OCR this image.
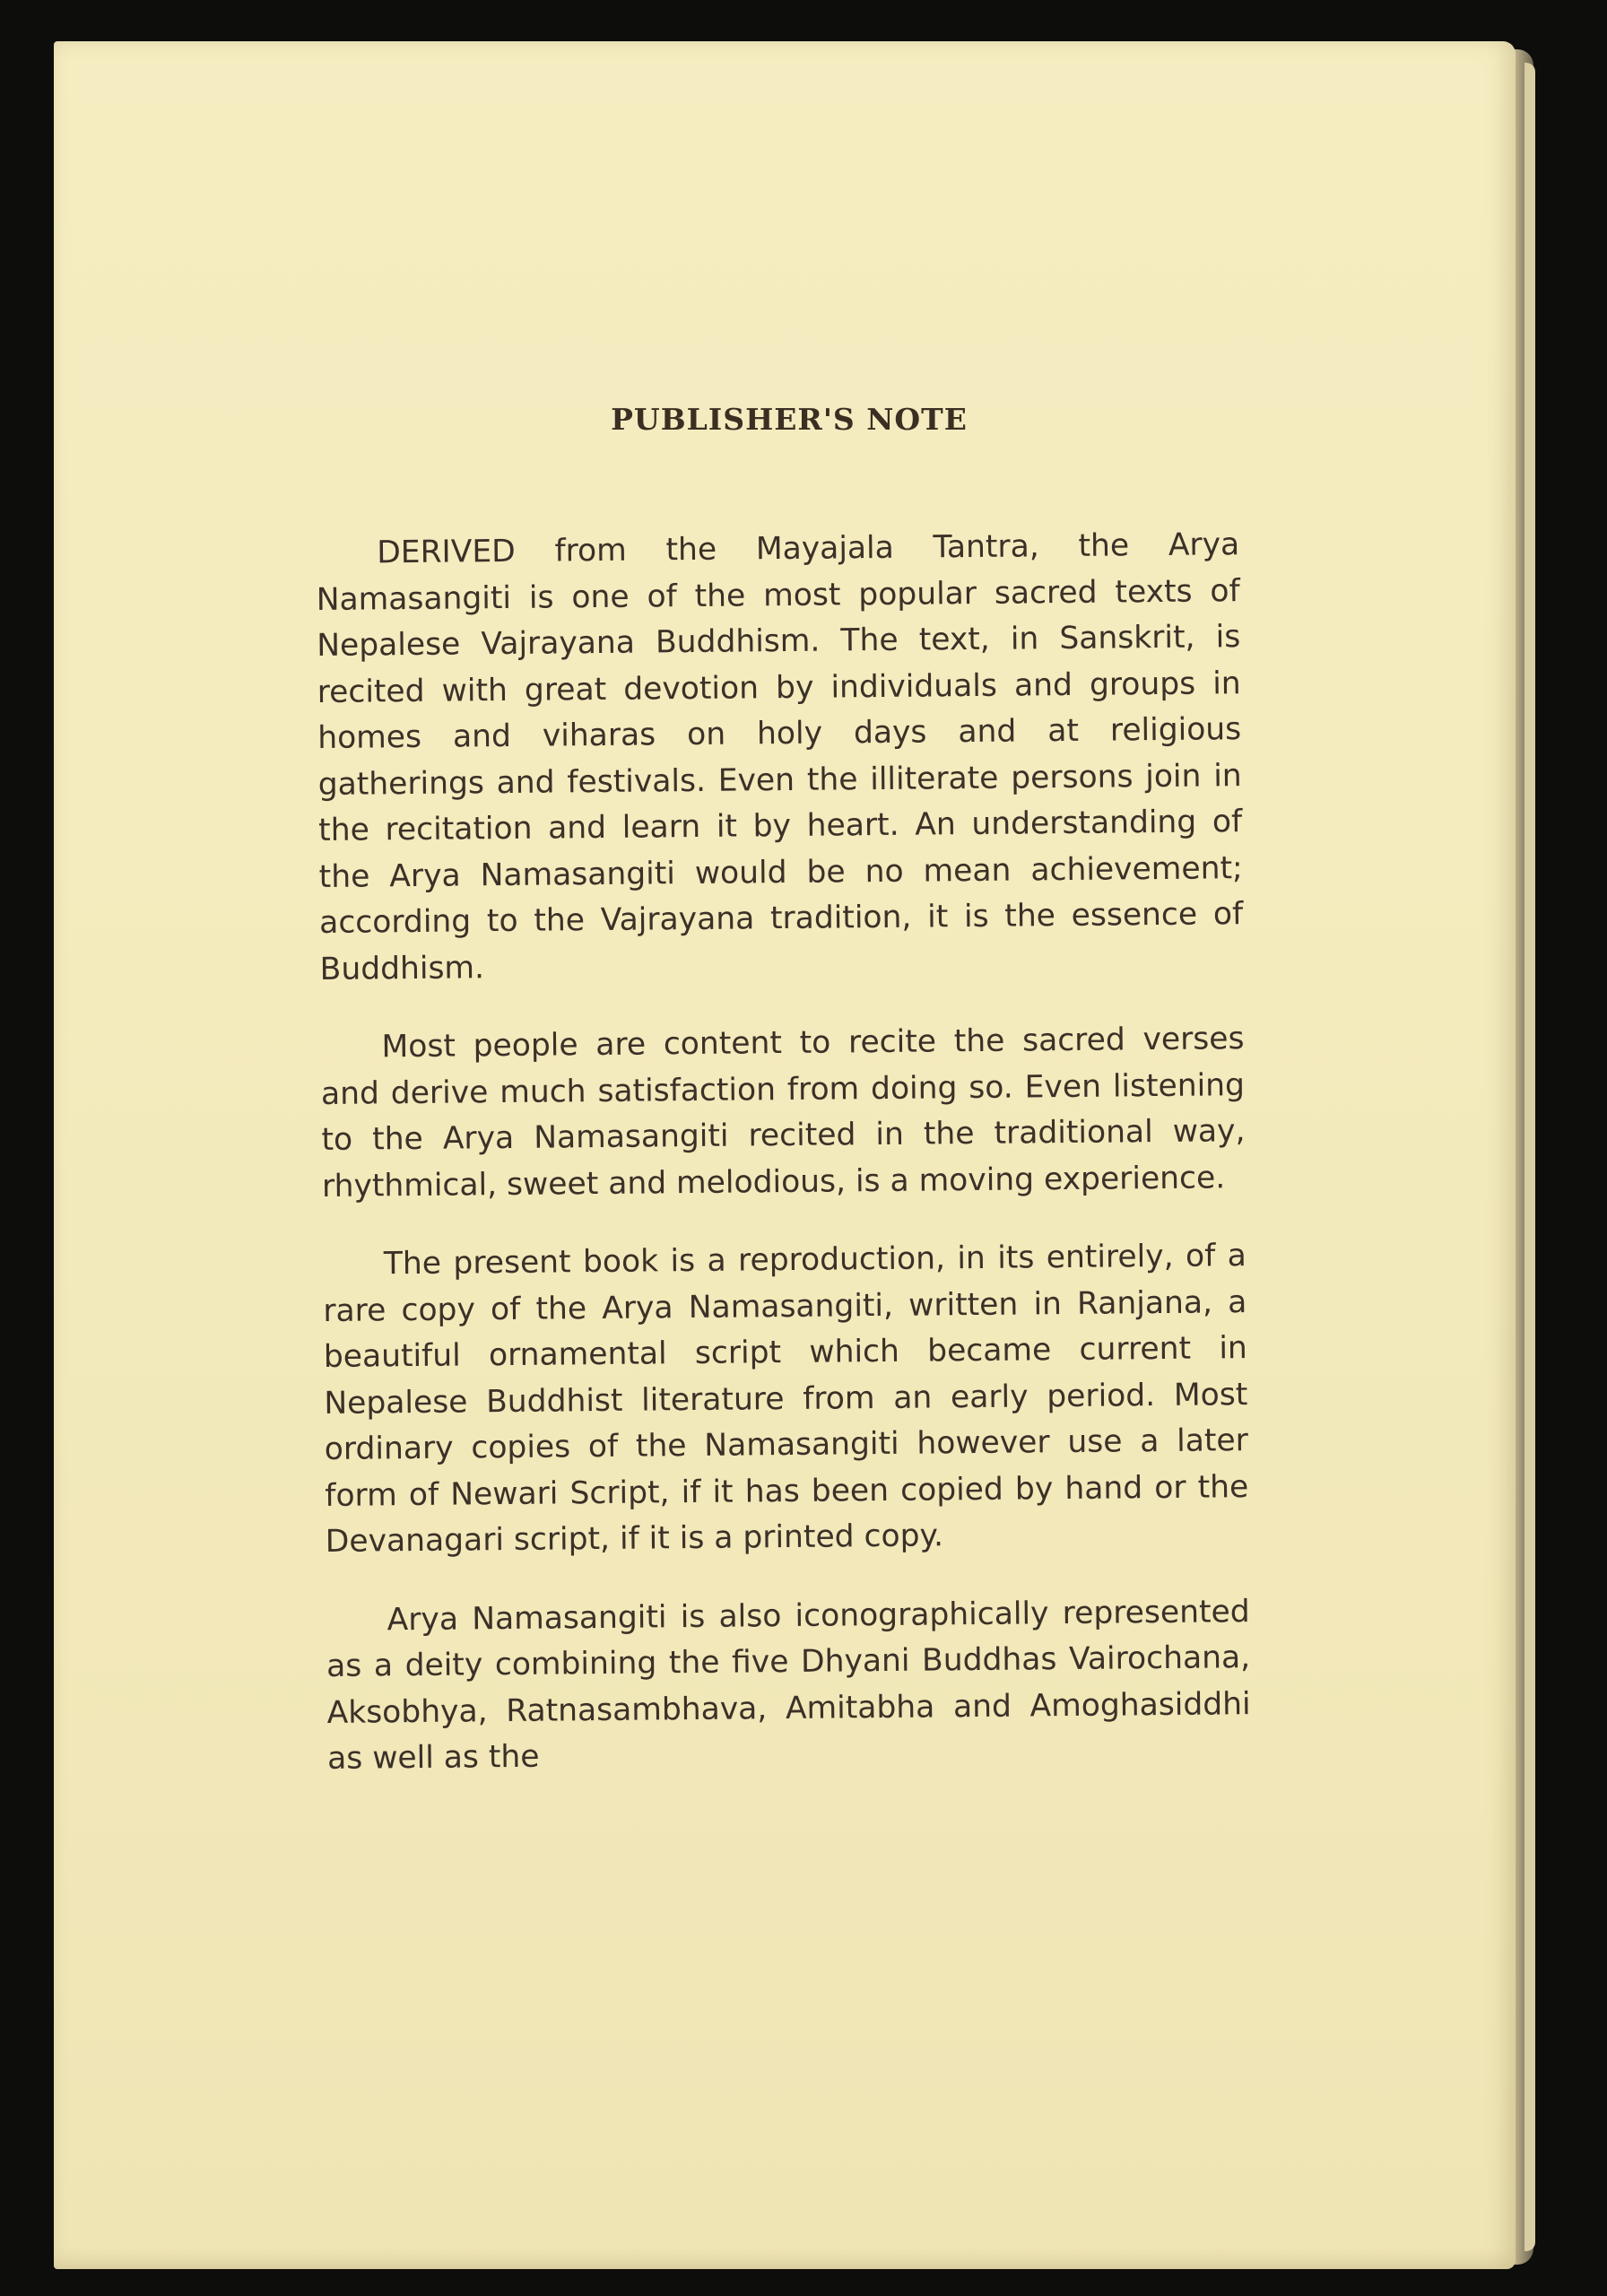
PUBLISHER'S NOTE

DERIVED from the Mayajala Tantra, the Arya Namasangiti is one of the most popular sacred texts of Nepalese Vajrayana Buddhism. The text, in Sanskrit, is recited with great devotion by individuals and groups in homes and viharas on holy days and at religious gatherings and festivals. Even the illiterate persons join in the recitation and learn it by heart. An understanding of the Arya Namasangiti would be no mean achievement; according to the Vajrayana tradition, it is the essence of Buddhism.

Most people are content to recite the sacred verses and derive much satisfaction from doing so. Even listening to the Arya Namasangiti recited in the traditional way, rhythmical, sweet and melodious, is a moving experience.

The present book is a reproduction, in its entirely, of a rare copy of the Arya Namasangiti, written in Ranjana, a beautiful ornamental script which became current in Nepalese Buddhist literature from an early period. Most ordinary copies of the Namasangiti however use a later form of Newari Script, if it has been copied by hand or the Devanagari script, if it is a printed copy.

Arya Namasangiti is also iconographically represented as a deity combining the five Dhyani Buddhas Vairochana, Aksobhya, Ratnasambhava, Amitabha and Amoghasiddhi as well as the
